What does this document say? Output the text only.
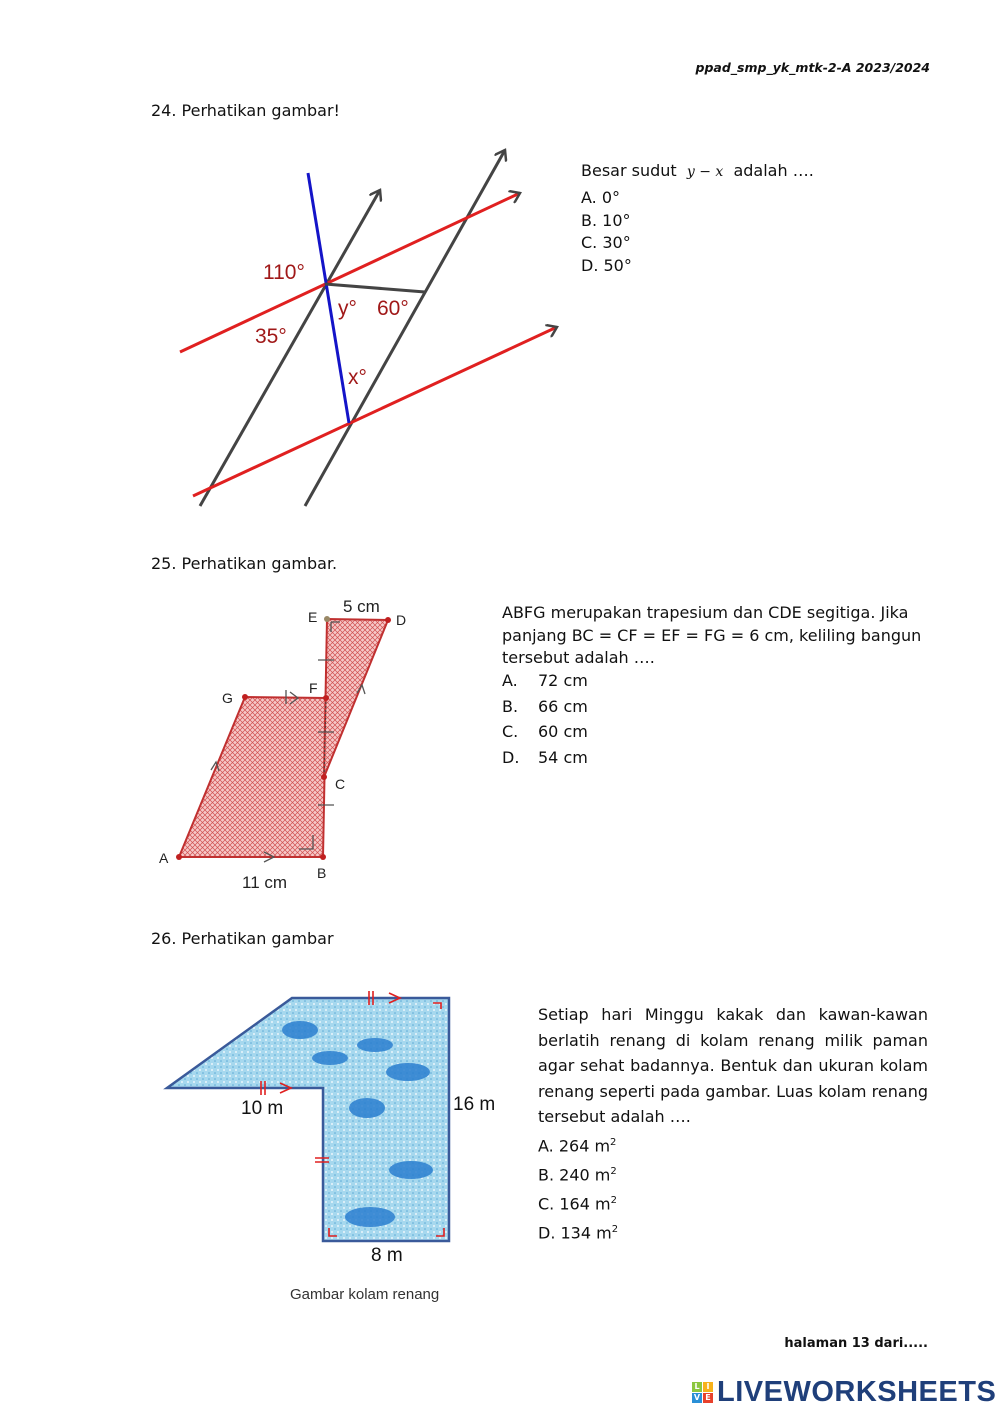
ppad_smp_yk_mtk-2-A 2023/2024
24. Perhatikan gambar!
110°
35°
y° 60°
x°
Besar sudut y − x adalah ….
A. 0°
B. 10°
C. 30°
D. 50°
25. Perhatikan gambar.
A
B
C
D
E
F
G
5 cm
11 cm
ABFG merupakan trapesium dan CDE segitiga. Jika
panjang BC = CF = EF = FG = 6 cm, keliling bangun
tersebut adalah ….
A. 72 cm
B. 66 cm
C. 60 cm
D. 54 cm
26. Perhatikan gambar
10 m	16 m
8 m
Gambar kolam renang
Setiap hari Minggu kakak dan kawan-kawan berlatih renang di kolam renang milik paman agar sehat badannya. Bentuk dan ukuran kolam renang seperti pada gambar. Luas kolam renang tersebut adalah ….
A. 264 $m^2$
B. 240 $m^2$
C. 164 $m^2$
D. 134 $m^2$
halaman 13 dari.....
L I
V E LIVEWORKSHEETS
